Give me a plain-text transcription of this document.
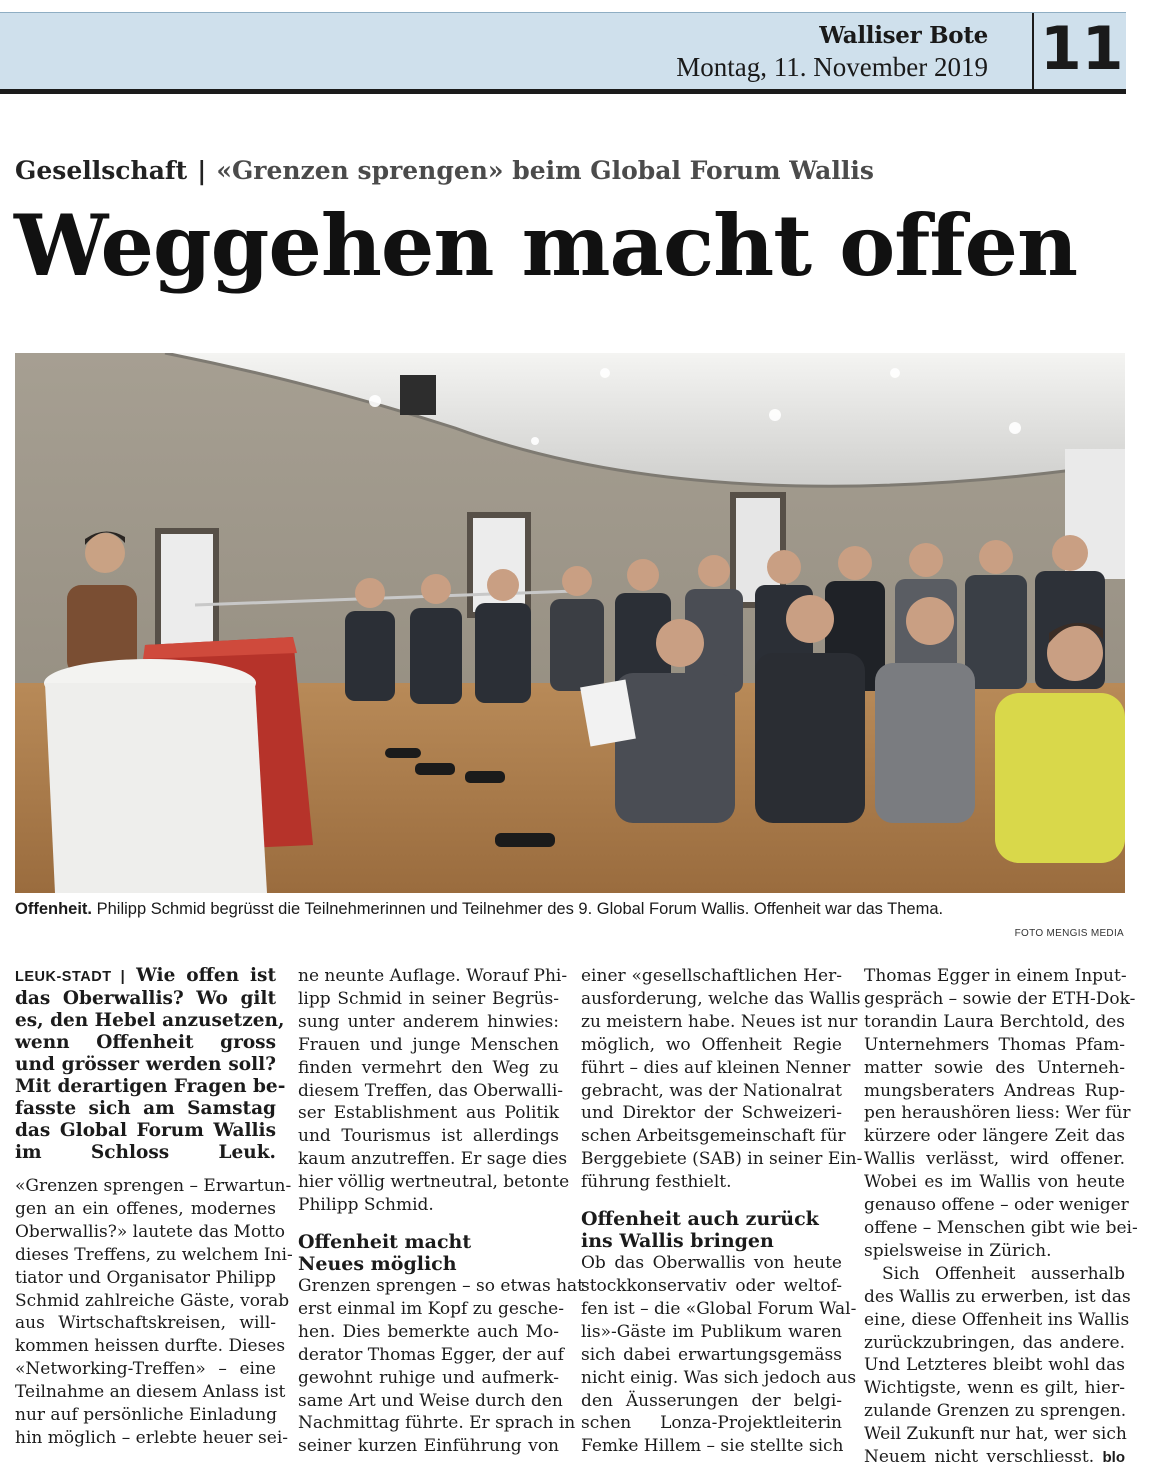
Walliser Bote
Montag, 11. November 2019 11
Gesellschaft | «Grenzen sprengen» beim Global Forum Wallis
Weggehen macht offen
Offenheit. Philipp Schmid begrüsst die Teilnehmerinnen und Teilnehmer des 9. Global Forum Wallis. Offenheit war das Thema.
FOTO MENGIS MEDIA
LEUK-STADT | Wie offen ist
das Oberwallis? Wo gilt
es, den Hebel anzusetzen,
wenn Offenheit gross
und grösser werden soll?
Mit derartigen Fragen be-
fasste sich am Samstag
das Global Forum Wallis
im Schloss Leuk.
«Grenzen sprengen – Erwartun-
gen an ein offenes, modernes
Oberwallis?» lautete das Motto
dieses Treffens, zu welchem Ini-
tiator und Organisator Philipp
Schmid zahlreiche Gäste, vorab
aus Wirtschaftskreisen, will-
kommen heissen durfte. Dieses
«Networking-Treffen» – eine
Teilnahme an diesem Anlass ist
nur auf persönliche Einladung
hin möglich – erlebte heuer sei-
ne neunte Auflage. Worauf Phi-
lipp Schmid in seiner Begrüs-
sung unter anderem hinwies:
Frauen und junge Menschen
finden vermehrt den Weg zu
diesem Treffen, das Oberwalli-
ser Establishment aus Politik
und Tourismus ist allerdings
kaum anzutreffen. Er sage dies
hier völlig wertneutral, betonte
Philipp Schmid.
Offenheit macht
Neues möglich
Grenzen sprengen – so etwas hat
erst einmal im Kopf zu gesche-
hen. Dies bemerkte auch Mo-
derator Thomas Egger, der auf
gewohnt ruhige und aufmerk-
same Art und Weise durch den
Nachmittag führte. Er sprach in
seiner kurzen Einführung von
einer «gesellschaftlichen Her-
ausforderung, welche das Wallis
zu meistern habe. Neues ist nur
möglich, wo Offenheit Regie
führt – dies auf kleinen Nenner
gebracht, was der Nationalrat
und Direktor der Schweizeri-
schen Arbeitsgemeinschaft für
Berggebiete (SAB) in seiner Ein-
führung festhielt.
Offenheit auch zurück
ins Wallis bringen
Ob das Oberwallis von heute
stockkonservativ oder weltof-
fen ist – die «Global Forum Wal-
lis»-Gäste im Publikum waren
sich dabei erwartungsgemäss
nicht einig. Was sich jedoch aus
den Äusserungen der belgi-
schen Lonza-Projektleiterin
Femke Hillem – sie stellte sich
Thomas Egger in einem Input-
gespräch – sowie der ETH-Dok-
torandin Laura Berchtold, des
Unternehmers Thomas Pfam-
matter sowie des Unterneh-
mungsberaters Andreas Rup-
pen heraushören liess: Wer für
kürzere oder längere Zeit das
Wallis verlässt, wird offener.
Wobei es im Wallis von heute
genauso offene – oder weniger
offene – Menschen gibt wie bei-
spielsweise in Zürich.
Sich Offenheit ausserhalb
des Wallis zu erwerben, ist das
eine, diese Offenheit ins Wallis
zurückzubringen, das andere.
Und Letzteres bleibt wohl das
Wichtigste, wenn es gilt, hier-
zulande Grenzen zu sprengen.
Weil Zukunft nur hat, wer sich
Neuem nicht verschliesst. blo
